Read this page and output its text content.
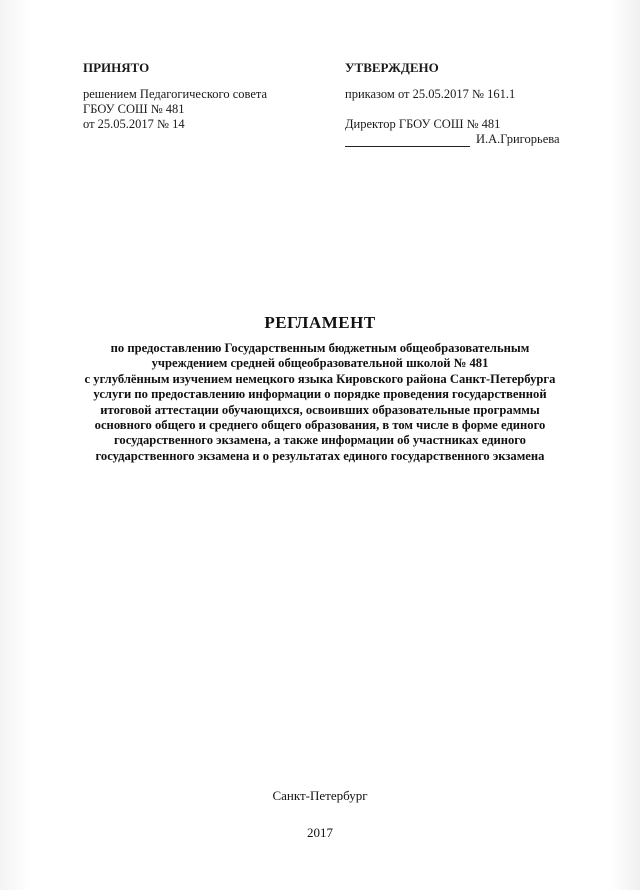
ПРИНЯТО
решением Педагогического совета
ГБОУ СОШ № 481
от 25.05.2017 № 14
УТВЕРЖДЕНО
приказом от 25.05.2017 № 161.1
Директор ГБОУ СОШ № 481
И.А.Григорьева
РЕГЛАМЕНТ
по предоставлению Государственным бюджетным общеобразовательным
учреждением средней общеобразовательной школой № 481
с углублённым изучением немецкого языка Кировского района Санкт-Петербурга
услуги по предоставлению информации о порядке проведения государственной
итоговой аттестации обучающихся, освоивших образовательные программы
основного общего и среднего общего образования, в том числе в форме единого
государственного экзамена, а также информации об участниках единого
государственного экзамена и о результатах единого государственного экзамена
Санкт-Петербург
2017
